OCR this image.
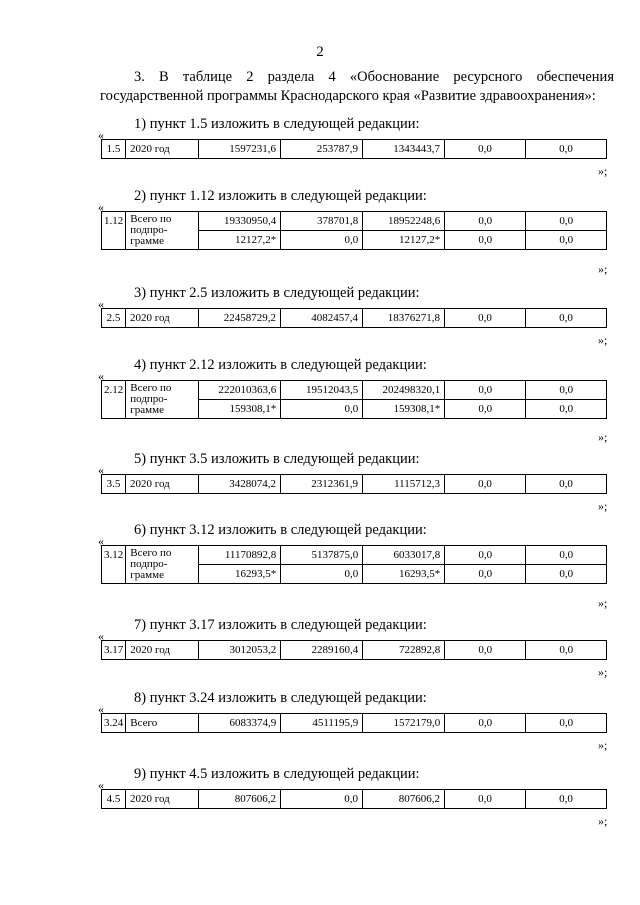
2
3. В таблице 2 раздела 4 «Обоснование ресурсного обеспечения государственной программы Краснодарского края «Развитие здравоохранения»:
1) пункт 1.5 изложить в следующей редакции:
«
1.5	2020 год	1597231,6	253787,9	1343443,7	0,0	0,0
»;
2) пункт 1.12 изложить в следующей редакции:
«
1.12	Всего по подпро-грамме	19330950,4	378701,8	18952248,6	0,0	0,0
		12127,2*	0,0	12127,2*	0,0	0,0
»;
3) пункт 2.5 изложить в следующей редакции:
«
2.5	2020 год	22458729,2	4082457,4	18376271,8	0,0	0,0
»;
4) пункт 2.12 изложить в следующей редакции:
«
2.12	Всего по подпро-грамме	222010363,6	19512043,5	202498320,1	0,0	0,0
		159308,1*	0,0	159308,1*	0,0	0,0
»;
5) пункт 3.5 изложить в следующей редакции:
«
3.5	2020 год	3428074,2	2312361,9	1115712,3	0,0	0,0
»;
6) пункт 3.12 изложить в следующей редакции:
«
3.12	Всего по подпро-грамме	11170892,8	5137875,0	6033017,8	0,0	0,0
		16293,5*	0,0	16293,5*	0,0	0,0
»;
7) пункт 3.17 изложить в следующей редакции:
«
3.17	2020 год	3012053,2	2289160,4	722892,8	0,0	0,0
»;
8) пункт 3.24 изложить в следующей редакции:
«
3.24	Всего	6083374,9	4511195,9	1572179,0	0,0	0,0
»;
9) пункт 4.5 изложить в следующей редакции:
«
4.5	2020 год	807606,2	0,0	807606,2	0,0	0,0
»;
